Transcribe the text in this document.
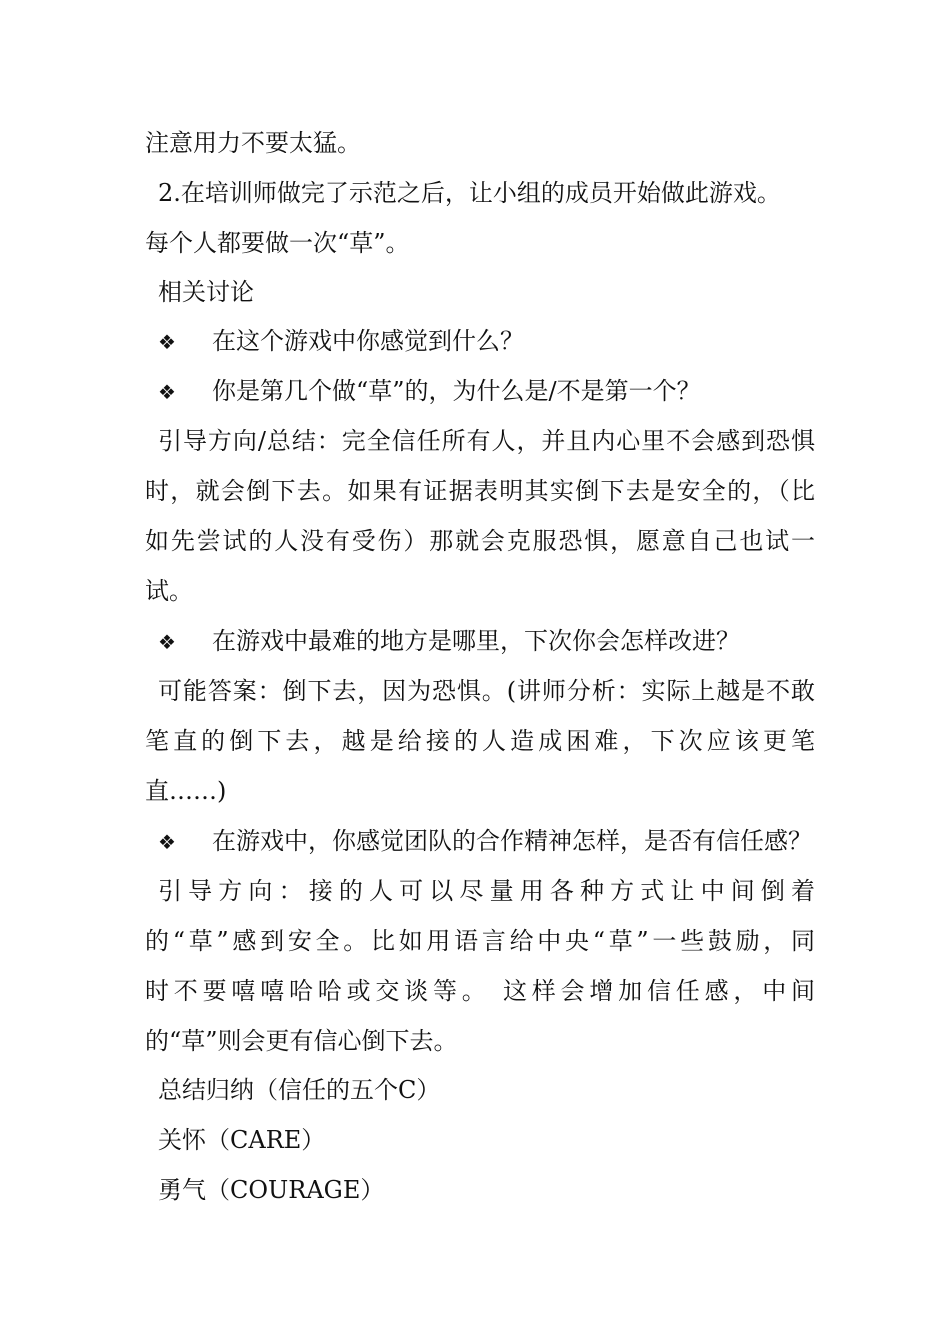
注意用力不要太猛。
2.在培训师做完了示范之后，让小组的成员开始做此游戏。
每个人都要做一次“草”。
相关讨论
❖ 在这个游戏中你感觉到什么？
❖ 你是第几个做“草”的，为什么是/不是第一个？
引导方向/总结：完全信任所有人，并且内心里不会感到恐惧
时，就会倒下去。如果有证据表明其实倒下去是安全的，（比
如先尝试的人没有受伤）那就会克服恐惧，愿意自己也试一
试。
❖ 在游戏中最难的地方是哪里，下次你会怎样改进？
可能答案：倒下去，因为恐惧。(讲师分析：实际上越是不敢
笔直的倒下去，越是给接的人造成困难，下次应该更笔
直……)
❖ 在游戏中，你感觉团队的合作精神怎样，是否有信任感？
引导方向：接的人可以尽量用各种方式让中间倒着
的“草”感到安全。比如用语言给中央“草”一些鼓励，同
时不要嘻嘻哈哈或交谈等。 这样会增加信任感，中间
的“草”则会更有信心倒下去。
总结归纳（信任的五个C）
关怀（CARE）
勇气（COURAGE）
